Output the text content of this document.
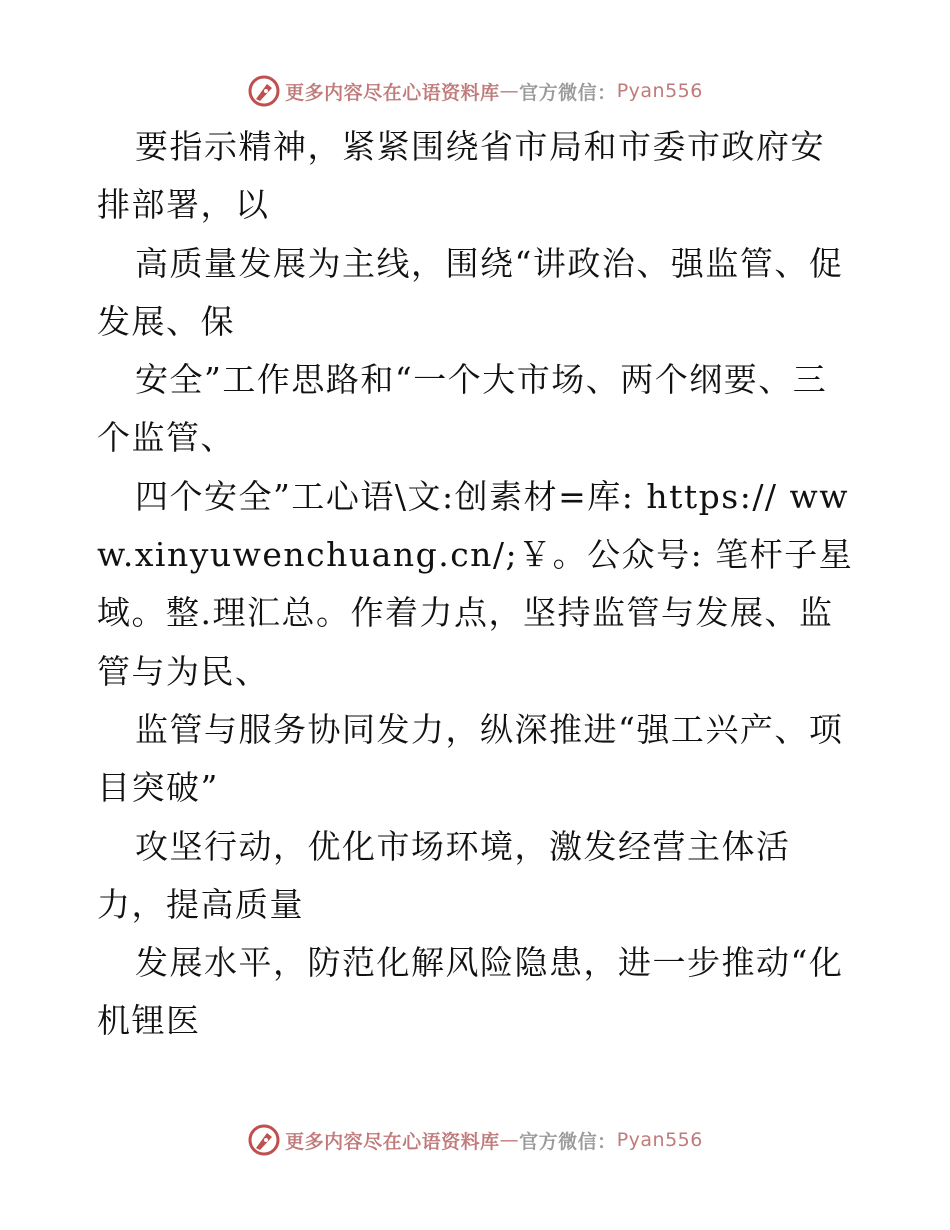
更多内容尽在心语资料库 — 官方微信： Pyan556

要指示精神，紧紧围绕省市局和市委市政府安排部署，以

高质量发展为主线，围绕“讲政治、强监管、促发展、保

安全”工作思路和“一个大市场、两个纲要、三个监管、

四个安全”工心语\文:创素材=库: https:// www.xinyuwenchuang.cn/;￥。公众号: 笔杆子星域。整.理汇总。作着力点，坚持监管与发展、监管与为民、

监管与服务协同发力，纵深推进“强工兴产、项目突破”

攻坚行动，优化市场环境，激发经营主体活力，提高质量

发展水平，防范化解风险隐患，进一步推动“化机锂医

更多内容尽在心语资料库 — 官方微信： Pyan556
